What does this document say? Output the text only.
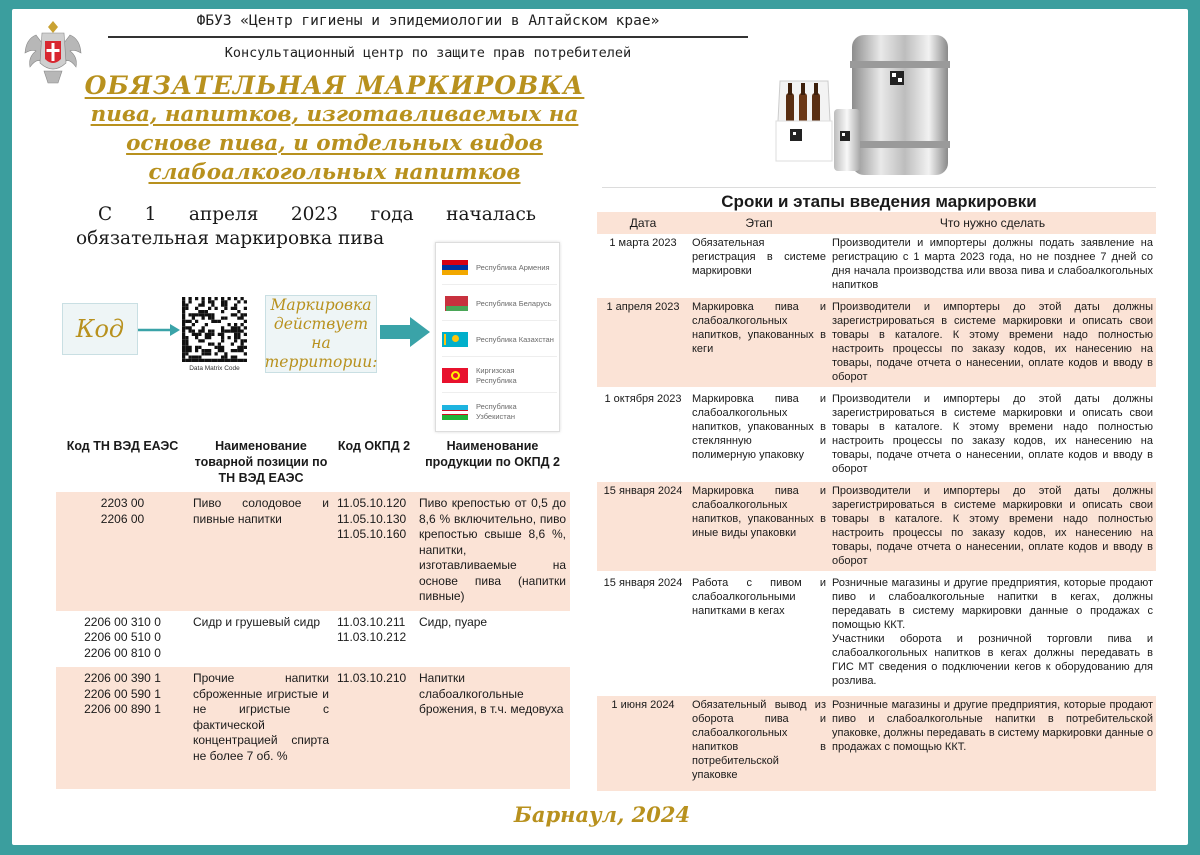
ФБУЗ «Центр гигиены и эпидемиологии в Алтайском крае»
Консультационный центр по защите прав потребителей
ОБЯЗАТЕЛЬНАЯ МАРКИРОВКА
пива, напитков, изготавливаемых на основе пива, и отдельных видов слабоалкогольных напитков
С 1 апреля 2023 года началась
обязательная маркировка пива
Код
Data Matrix Code
Маркировка действует на территории:
Республика Армения
Республика Беларусь
Республика Казахстан
Киргизская Республика
Республика Узбекистан
Код ТН ВЭД ЕАЭС	Наименование товарной позиции по ТН ВЭД ЕАЭС	Код ОКПД 2	Наименование продукции по ОКПД 2
2203 00
2206 00	Пиво солодовое и пивные напитки	11.05.10.120
11.05.10.130
11.05.10.160	Пиво крепостью от 0,5 до 8,6 % включительно, пиво крепостью свыше 8,6 %, напитки, изготавливаемые на основе пива (напитки пивные)
2206 00 310 0
2206 00 510 0
2206 00 810 0	Сидр и грушевый сидр	11.03.10.211
11.03.10.212	Сидр, пуаре
2206 00 390 1
2206 00 590 1
2206 00 890 1	Прочие напитки сброженные игристые и не игристые с фактической концентрацией спирта не более 7 об. %	11.03.10.210	Напитки слабоалкогольные брожения, в т.ч. медовуха
Сроки и этапы введения маркировки
Дата	Этап	Что нужно сделать
1 марта 2023	Обязательная регистрация в системе маркировки	Производители и импортеры должны подать заявление на регистрацию с 1 марта 2023 года, но не позднее 7 дней со дня начала производства или ввоза пива и слабоалкогольных напитков
1 апреля 2023	Маркировка пива и слабоалкогольных напитков, упакованных в кеги	Производители и импортеры до этой даты должны зарегистрироваться в системе маркировки и описать свои товары в каталоге. К этому времени надо полностью настроить процессы по заказу кодов, их нанесению на товары, подаче отчета о нанесении, оплате кодов и вводу в оборот
1 октября 2023	Маркировка пива и слабоалкогольных напитков, упакованных в стеклянную и полимерную упаковку	Производители и импортеры до этой даты должны зарегистрироваться в системе маркировки и описать свои товары в каталоге. К этому времени надо полностью настроить процессы по заказу кодов, их нанесению на товары, подаче отчета о нанесении, оплате кодов и вводу в оборот
15 января 2024	Маркировка пива и слабоалкогольных напитков, упакованных в иные виды упаковки	Производители и импортеры до этой даты должны зарегистрироваться в системе маркировки и описать свои товары в каталоге. К этому времени надо полностью настроить процессы по заказу кодов, их нанесению на товары, подаче отчета о нанесении, оплате кодов и вводу в оборот
15 января 2024	Работа с пивом и слабоалкогольными напитками в кегах	Розничные магазины и другие предприятия, которые продают пиво и слабоалкогольные напитки в кегах, должны передавать в систему маркировки данные о продажах с помощью ККТ.
Участники оборота и розничной торговли пива и слабоалкогольных напитков в кегах должны передавать в ГИС МТ сведения о подключении кегов к оборудованию для розлива.
1 июня 2024	Обязательный вывод из оборота пива и слабоалкогольных напитков в потребительской упаковке	Розничные магазины и другие предприятия, которые продают пиво и слабоалкогольные напитки в потребительской упаковке, должны передавать в систему маркировки данные о продажах с помощью ККТ.
Барнаул, 2024
